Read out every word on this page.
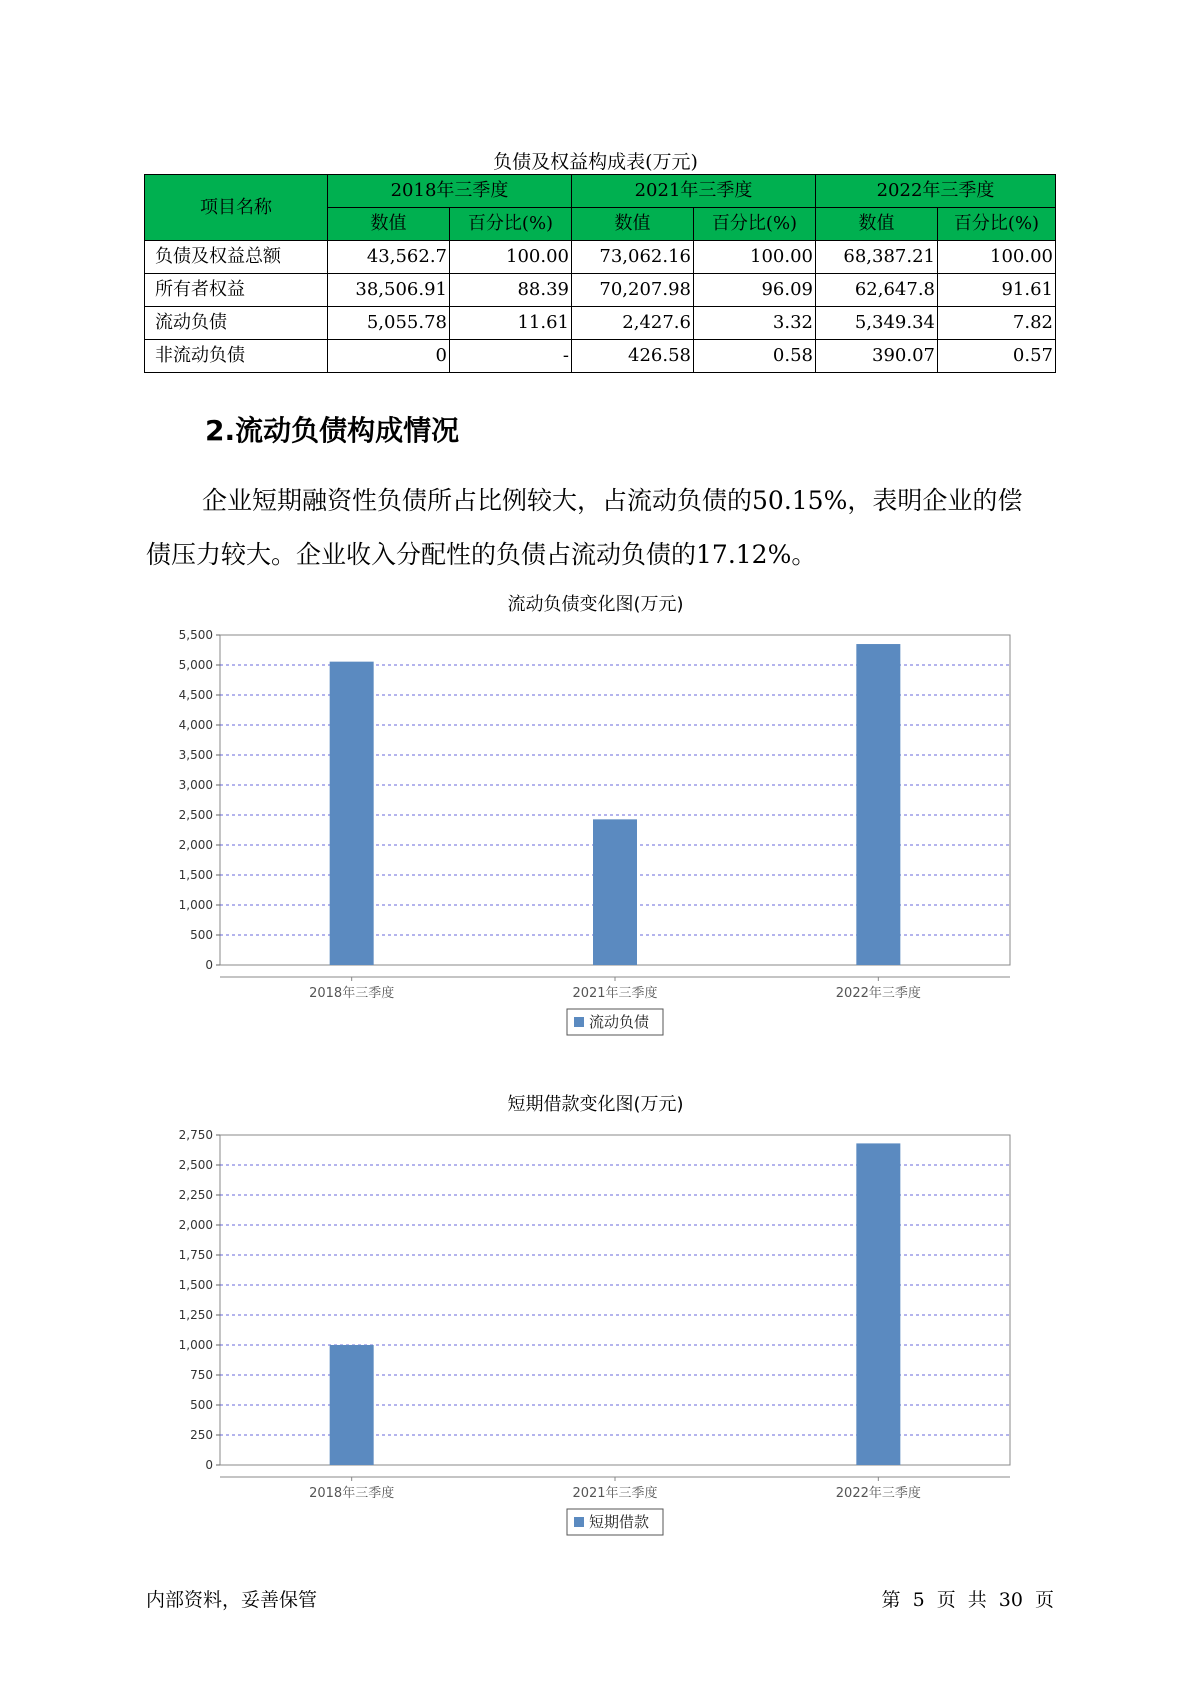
负债及权益构成表(万元)
项目名称	2018年三季度		2021年三季度		2022年三季度	
	数值	百分比(%)	数值	百分比(%)	数值	百分比(%)
负债及权益总额	43,562.7	100.00	73,062.16	100.00	68,387.21	100.00
所有者权益	38,506.91	88.39	70,207.98	96.09	62,647.8	91.61
流动负债	5,055.78	11.61	2,427.6	3.32	5,349.34	7.82
非流动负债	0	-	426.58	0.58	390.07	0.57
2.流动负债构成情况

企业短期融资性负债所占比例较大，占流动负债的50.15%，表明企业的偿债压力较大。企业收入分配性的负债占流动负债的17.12%。

流动负债变化图(万元)
0
500
1,000
1,500
2,000
2,500
3,000
3,500
4,000
4,500
5,000
5,500
2018年三季度	2021年三季度	2022年三季度
流动负债
短期借款变化图(万元)
0
250
500
750
1,000
1,250
1,500
1,750
2,000
2,250
2,500
2,750
2018年三季度	2021年三季度	2022年三季度
短期借款
内部资料，妥善保管	第 5 页 共 30 页
